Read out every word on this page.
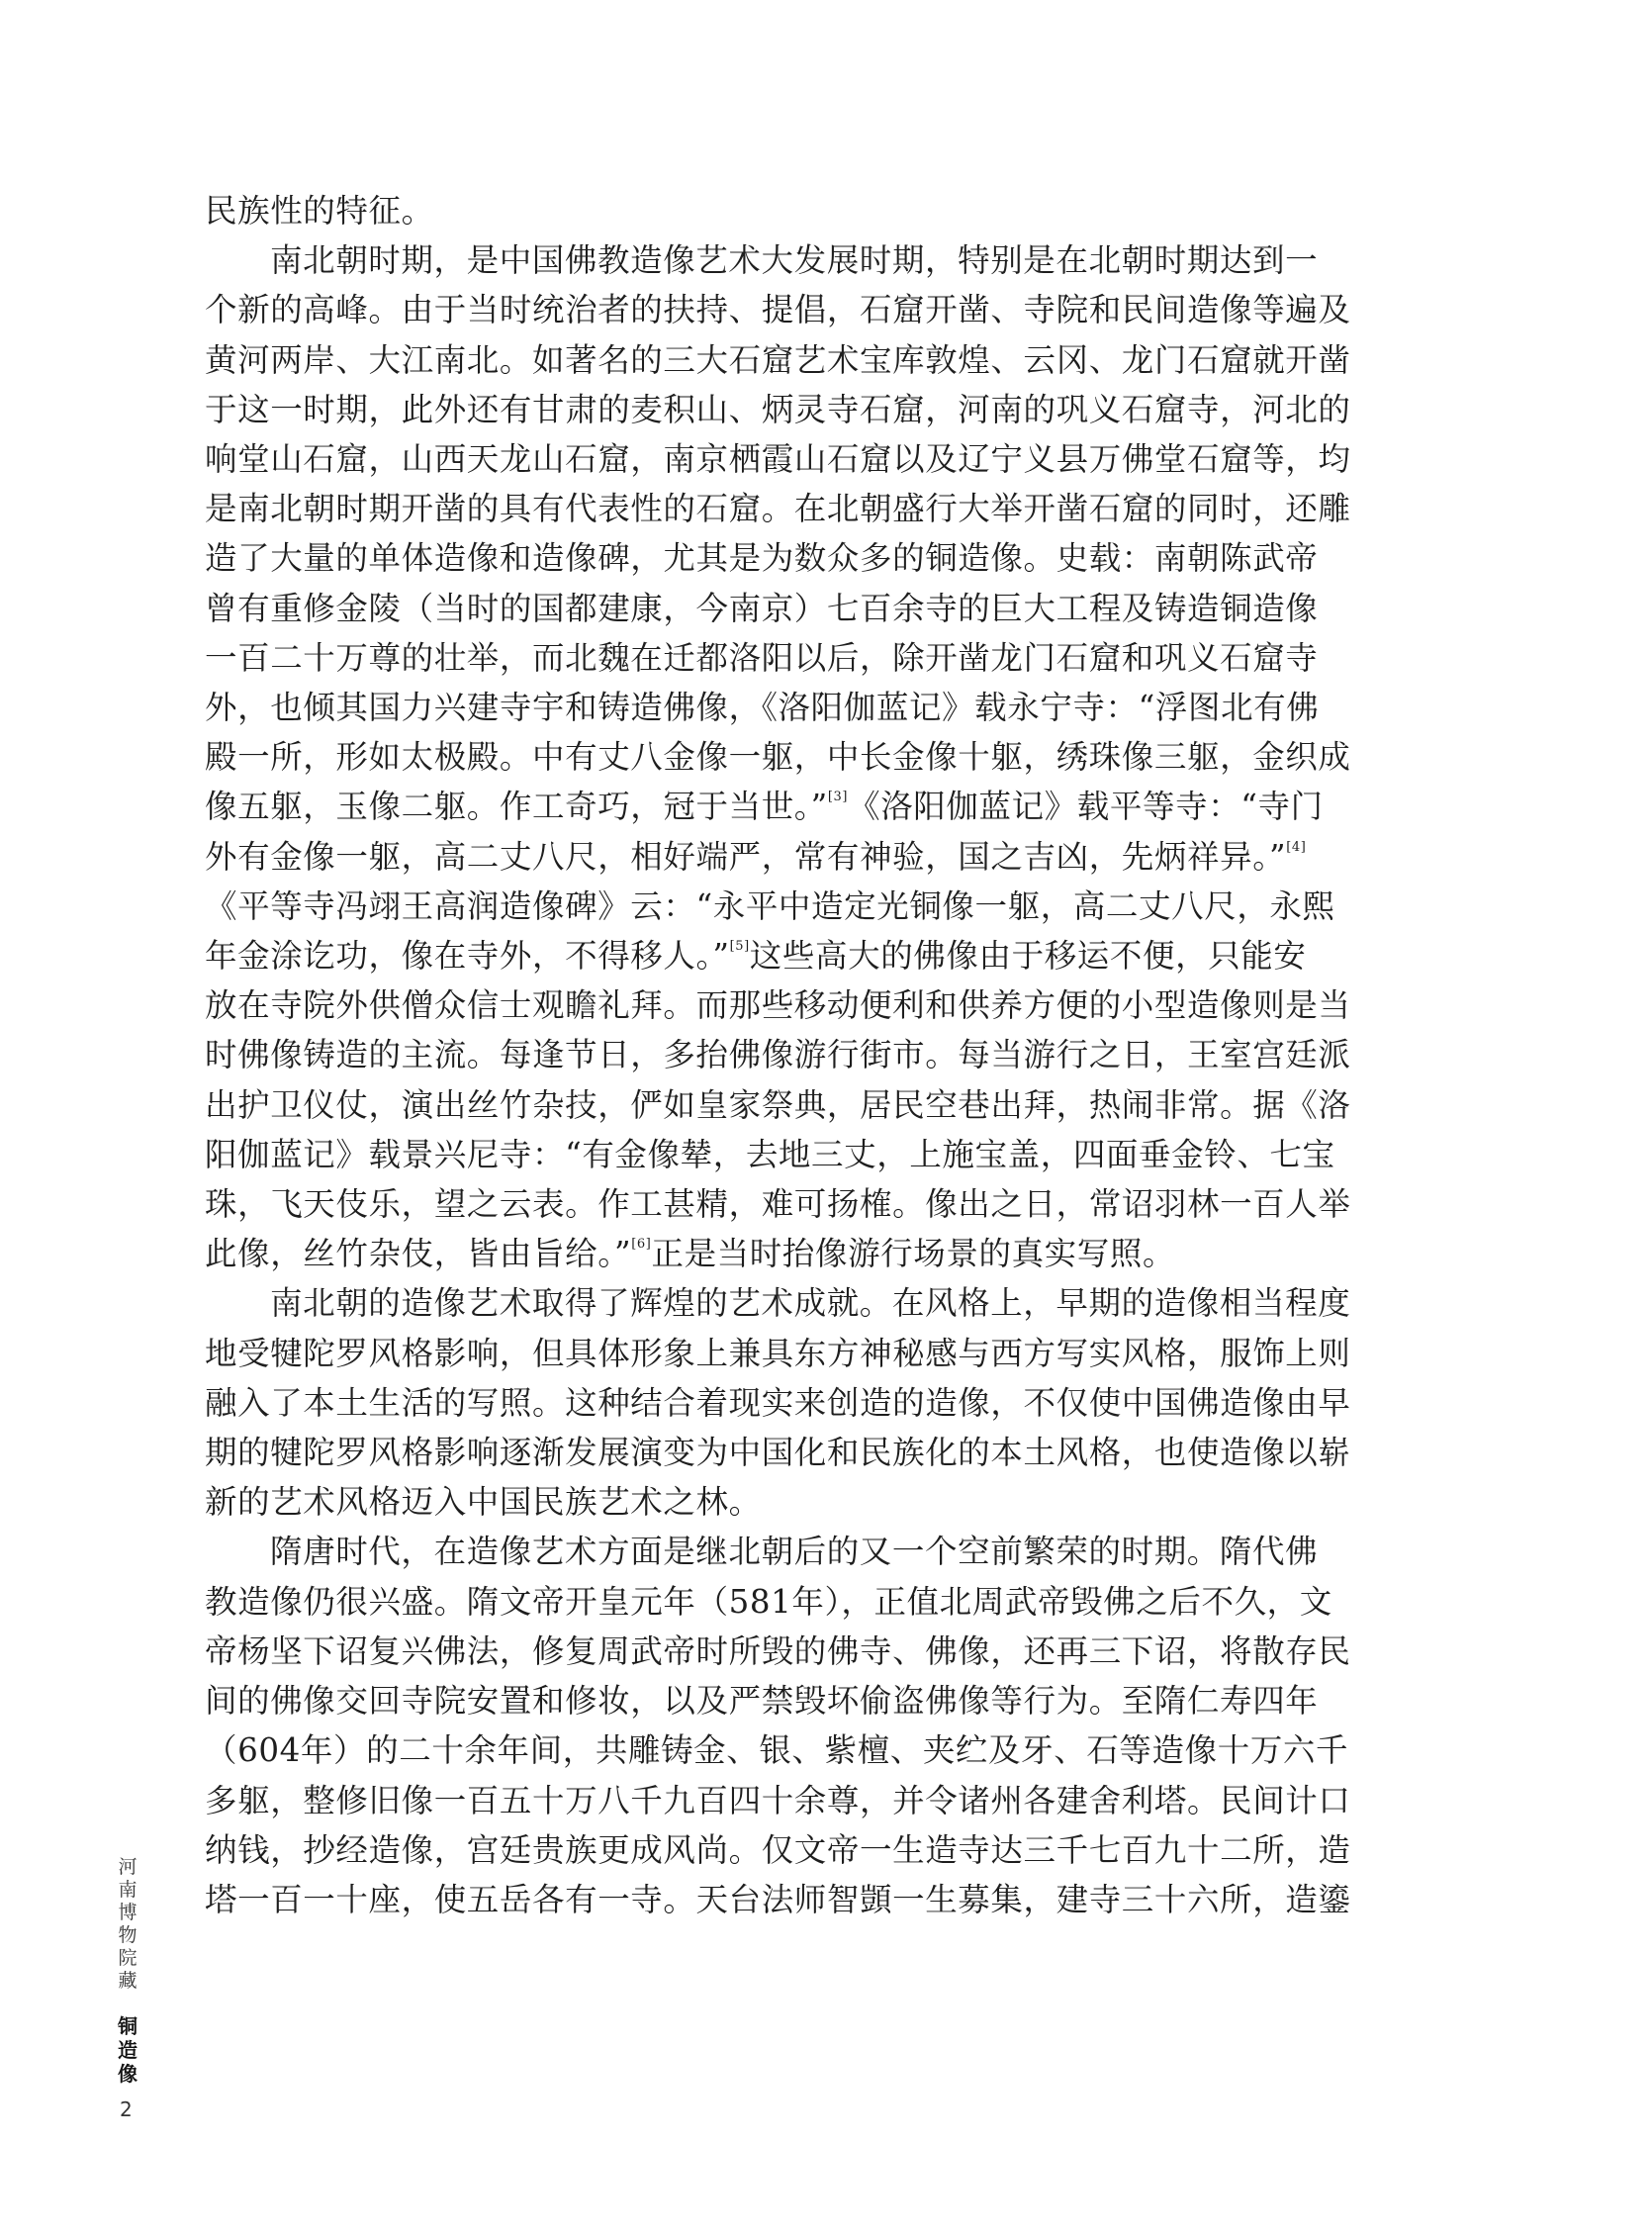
民族性的特征。
南北朝时期，是中国佛教造像艺术大发展时期，特别是在北朝时期达到一
个新的高峰。由于当时统治者的扶持、提倡，石窟开凿、寺院和民间造像等遍及
黄河两岸、大江南北。如著名的三大石窟艺术宝库敦煌、云冈、龙门石窟就开凿
于这一时期，此外还有甘肃的麦积山、炳灵寺石窟，河南的巩义石窟寺，河北的
响堂山石窟，山西天龙山石窟，南京栖霞山石窟以及辽宁义县万佛堂石窟等，均
是南北朝时期开凿的具有代表性的石窟。在北朝盛行大举开凿石窟的同时，还雕
造了大量的单体造像和造像碑，尤其是为数众多的铜造像。史载：南朝陈武帝
曾有重修金陵（当时的国都建康，今南京）七百余寺的巨大工程及铸造铜造像
一百二十万尊的壮举，而北魏在迁都洛阳以后，除开凿龙门石窟和巩义石窟寺
外，也倾其国力兴建寺宇和铸造佛像，《洛阳伽蓝记》载永宁寺：“浮图北有佛
殿一所，形如太极殿。中有丈八金像一躯，中长金像十躯，绣珠像三躯，金织成
像五躯，玉像二躯。作工奇巧，冠于当世。”[3]《洛阳伽蓝记》载平等寺：“寺门
外有金像一躯，高二丈八尺，相好端严，常有神验，国之吉凶，先炳祥异。”[4]
《平等寺冯翊王高润造像碑》云：“永平中造定光铜像一躯，高二丈八尺，永熙
年金涂讫功，像在寺外，不得移人。”[5]这些高大的佛像由于移运不便，只能安
放在寺院外供僧众信士观瞻礼拜。而那些移动便利和供养方便的小型造像则是当
时佛像铸造的主流。每逢节日，多抬佛像游行街市。每当游行之日，王室宫廷派
出护卫仪仗，演出丝竹杂技，俨如皇家祭典，居民空巷出拜，热闹非常。据《洛
阳伽蓝记》载景兴尼寺：“有金像辇，去地三丈，上施宝盖，四面垂金铃、七宝
珠，飞天伎乐，望之云表。作工甚精，难可扬榷。像出之日，常诏羽林一百人举
此像，丝竹杂伎，皆由旨给。”[6]正是当时抬像游行场景的真实写照。
南北朝的造像艺术取得了辉煌的艺术成就。在风格上，早期的造像相当程度
地受犍陀罗风格影响，但具体形象上兼具东方神秘感与西方写实风格，服饰上则
融入了本土生活的写照。这种结合着现实来创造的造像，不仅使中国佛造像由早
期的犍陀罗风格影响逐渐发展演变为中国化和民族化的本土风格，也使造像以崭
新的艺术风格迈入中国民族艺术之林。
隋唐时代，在造像艺术方面是继北朝后的又一个空前繁荣的时期。隋代佛
教造像仍很兴盛。隋文帝开皇元年（581年），正值北周武帝毁佛之后不久，文
帝杨坚下诏复兴佛法，修复周武帝时所毁的佛寺、佛像，还再三下诏，将散存民
间的佛像交回寺院安置和修妆，以及严禁毁坏偷盗佛像等行为。至隋仁寿四年
（604年）的二十余年间，共雕铸金、银、紫檀、夹纻及牙、石等造像十万六千
多躯，整修旧像一百五十万八千九百四十余尊，并令诸州各建舍利塔。民间计口
纳钱，抄经造像，宫廷贵族更成风尚。仅文帝一生造寺达三千七百九十二所，造
塔一百一十座，使五岳各有一寺。天台法师智顗一生募集，建寺三十六所，造鎏
河
南
博
物
院
藏
铜
造
像
2
